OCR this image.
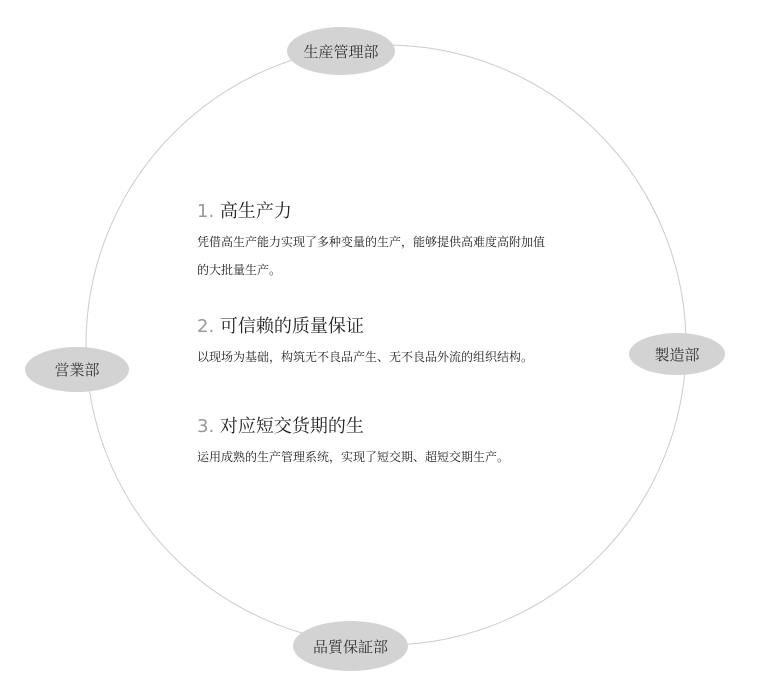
生産管理部
営業部
製造部
品質保証部
1. 高生产力

凭借高生产能力实现了多种变量的生产，能够提供高难度高附加值
的大批量生产。

2. 可信赖的质量保证

以现场为基础，构筑无不良品产生、无不良品外流的组织结构。

3. 对应短交货期的生

运用成熟的生产管理系统，实现了短交期、超短交期生产。
